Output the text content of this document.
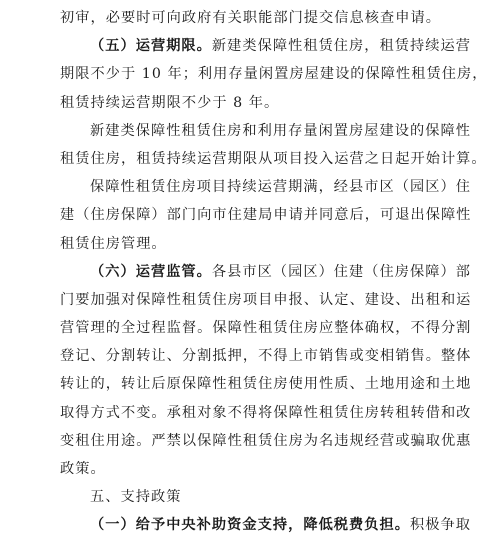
初审，必要时可向政府有关职能部门提交信息核查申请。
（五）运营期限。新建类保障性租赁住房，租赁持续运营
期限不少于 10 年；利用存量闲置房屋建设的保障性租赁住房，
租赁持续运营期限不少于 8 年。
新建类保障性租赁住房和利用存量闲置房屋建设的保障性
租赁住房，租赁持续运营期限从项目投入运营之日起开始计算。
保障性租赁住房项目持续运营期满，经县市区（园区）住
建（住房保障）部门向市住建局申请并同意后，可退出保障性
租赁住房管理。
（六）运营监管。各县市区（园区）住建（住房保障）部
门要加强对保障性租赁住房项目申报、认定、建设、出租和运
营管理的全过程监督。保障性租赁住房应整体确权，不得分割
登记、分割转让、分割抵押，不得上市销售或变相销售。整体
转让的，转让后原保障性租赁住房使用性质、土地用途和土地
取得方式不变。承租对象不得将保障性租赁住房转租转借和改
变租住用途。严禁以保障性租赁住房为名违规经营或骗取优惠
政策。
五、支持政策
（一）给予中央补助资金支持，降低税费负担。积极争取
